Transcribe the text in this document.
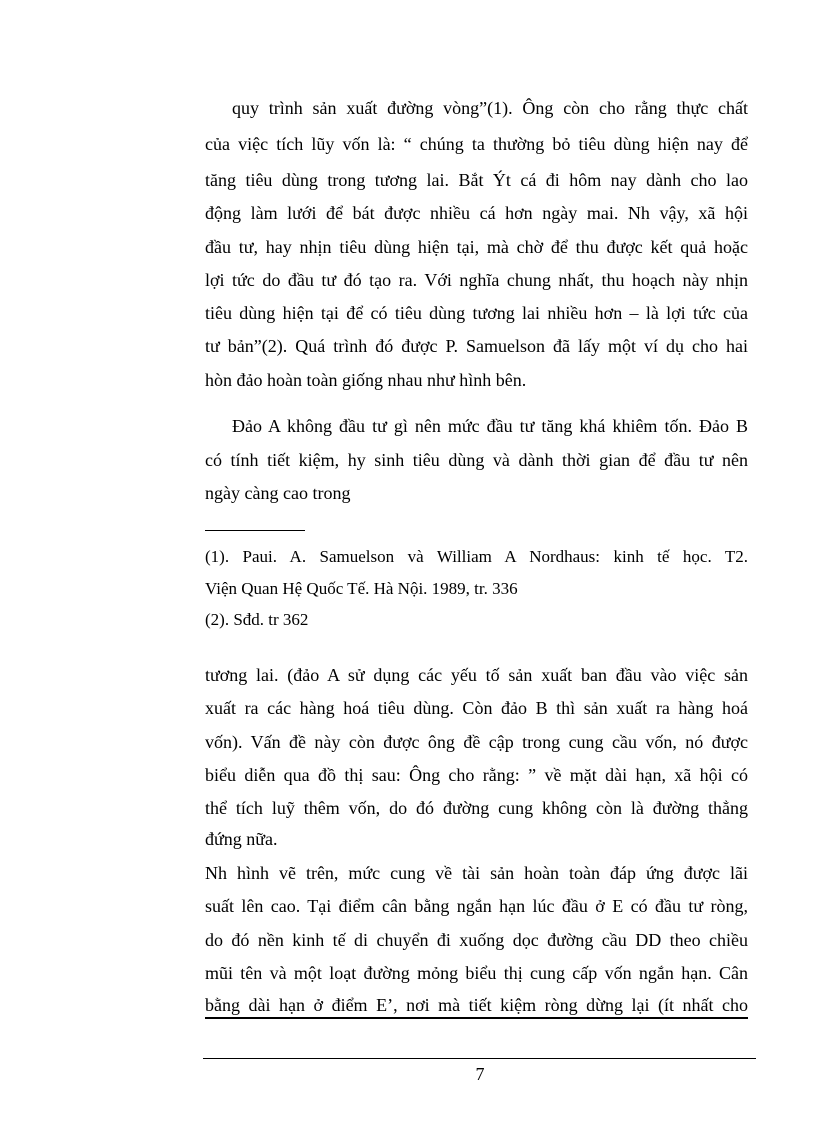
quy trình sản xuất đường vòng”(1). Ông còn cho rằng thực chất
của việc tích lũy vốn là: “ chúng ta thường bỏ tiêu dùng hiện nay để
tăng tiêu dùng trong tương lai. Bắt Ýt cá đi hôm nay dành cho lao
động làm lưới để bát được nhiều cá hơn ngày mai. Nh vậy, xã hội
đầu tư, hay nhịn tiêu dùng hiện tại, mà chờ để thu được kết quả hoặc
lợi tức do đầu tư đó tạo ra. Với nghĩa chung nhất, thu hoạch này nhịn
tiêu dùng hiện tại để có tiêu dùng tương lai nhiều hơn – là lợi tức của
tư bản”(2). Quá trình đó được P. Samuelson đã lấy một ví dụ cho hai
hòn đảo hoàn toàn giống nhau như hình bên.
Đảo A không đầu tư gì nên mức đầu tư tăng khá khiêm tốn. Đảo B
có tính tiết kiệm, hy sinh tiêu dùng và dành thời gian để đầu tư nên
ngày càng cao trong
(1). Paui. A. Samuelson và William A Nordhaus: kinh tế học. T2.
Viện Quan Hệ Quốc Tế. Hà Nội. 1989, tr. 336
(2). Sđd. tr 362
tương lai. (đảo A sử dụng các yếu tố sản xuất ban đầu vào việc sản
xuất ra các hàng hoá tiêu dùng. Còn đảo B thì sản xuất ra hàng hoá
vốn). Vấn đề này còn được ông đề cập trong cung cầu vốn, nó được
biểu diễn qua đồ thị sau: Ông cho rằng: ” về mặt dài hạn, xã hội có
thể tích luỹ thêm vốn, do đó đường cung không còn là đường thẳng
đứng nữa.
Nh hình vẽ trên, mức cung về tài sản hoàn toàn đáp ứng được lãi
suất lên cao. Tại điểm cân bằng ngắn hạn lúc đầu ở E có đầu tư ròng,
do đó nền kinh tế di chuyển đi xuống dọc đường cầu DD theo chiều
mũi tên và một loạt đường mỏng biểu thị cung cấp vốn ngắn hạn. Cân
bằng dài hạn ở điểm E’, nơi mà tiết kiệm ròng dừng lại (ít nhất cho
7
